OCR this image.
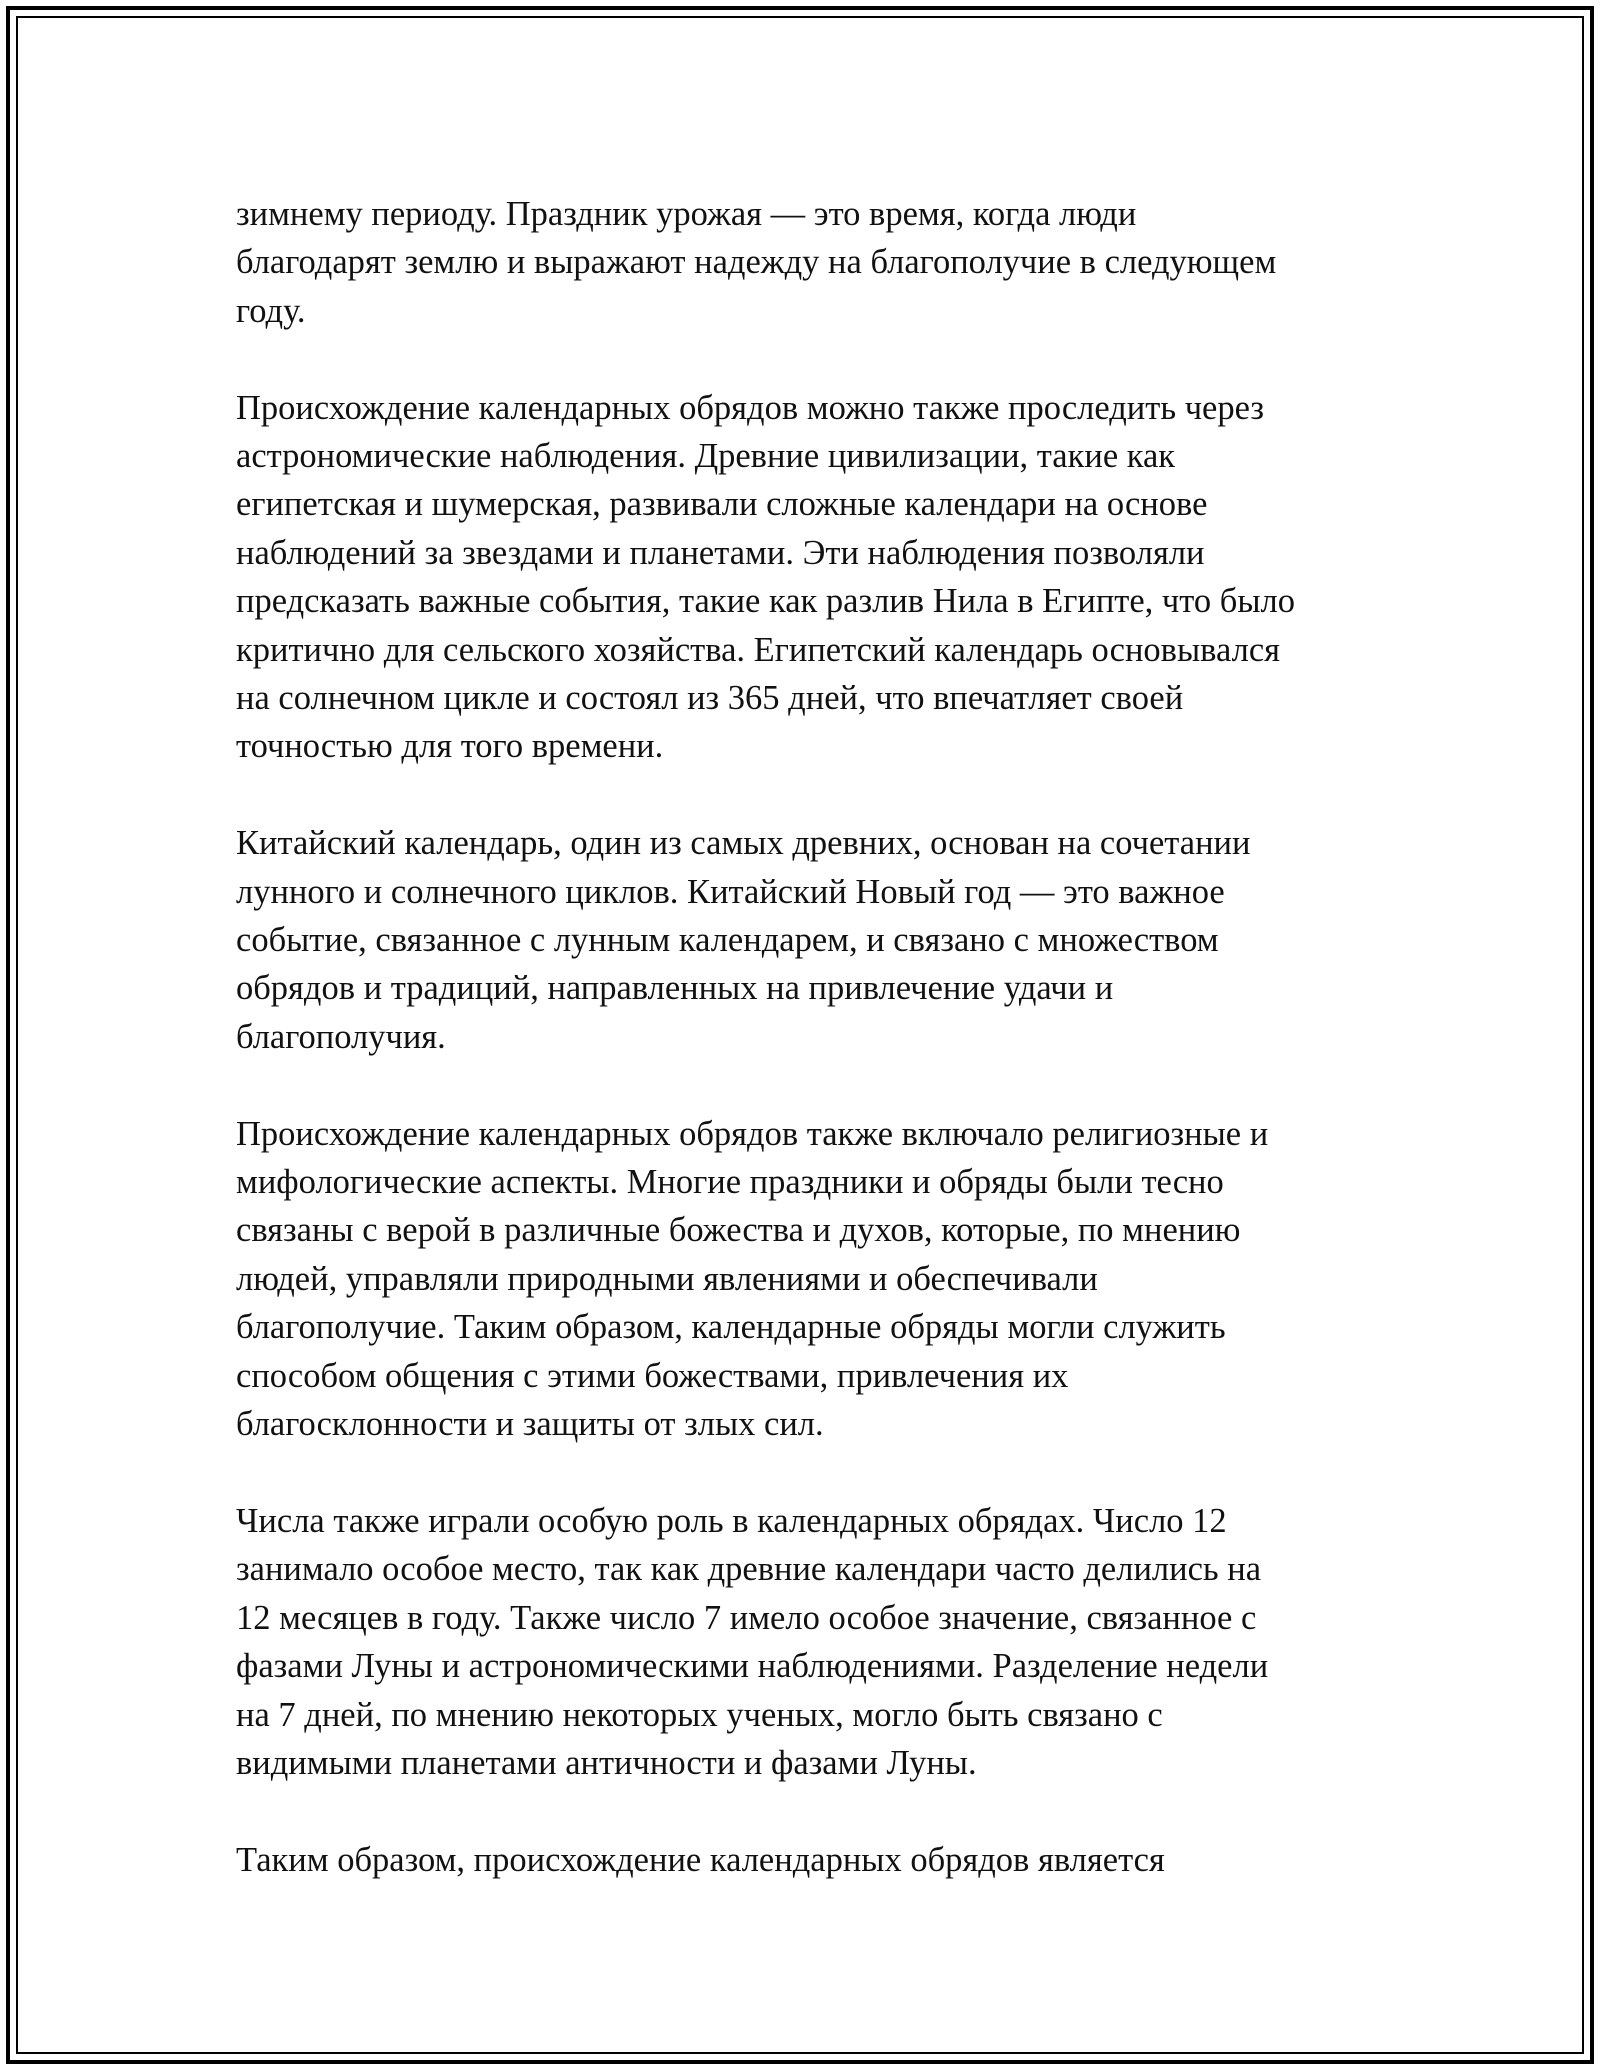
зимнему периоду. Праздник урожая — это время, когда люди
благодарят землю и выражают надежду на благополучие в следующем
году.

Происхождение календарных обрядов можно также проследить через
астрономические наблюдения. Древние цивилизации, такие как
египетская и шумерская, развивали сложные календари на основе
наблюдений за звездами и планетами. Эти наблюдения позволяли
предсказать важные события, такие как разлив Нила в Египте, что было
критично для сельского хозяйства. Египетский календарь основывался
на солнечном цикле и состоял из 365 дней, что впечатляет своей
точностью для того времени.

Китайский календарь, один из самых древних, основан на сочетании
лунного и солнечного циклов. Китайский Новый год — это важное
событие, связанное с лунным календарем, и связано с множеством
обрядов и традиций, направленных на привлечение удачи и
благополучия.

Происхождение календарных обрядов также включало религиозные и
мифологические аспекты. Многие праздники и обряды были тесно
связаны с верой в различные божества и духов, которые, по мнению
людей, управляли природными явлениями и обеспечивали
благополучие. Таким образом, календарные обряды могли служить
способом общения с этими божествами, привлечения их
благосклонности и защиты от злых сил.

Числа также играли особую роль в календарных обрядах. Число 12
занимало особое место, так как древние календари часто делились на
12 месяцев в году. Также число 7 имело особое значение, связанное с
фазами Луны и астрономическими наблюдениями. Разделение недели
на 7 дней, по мнению некоторых ученых, могло быть связано с
видимыми планетами античности и фазами Луны.

Таким образом, происхождение календарных обрядов является
